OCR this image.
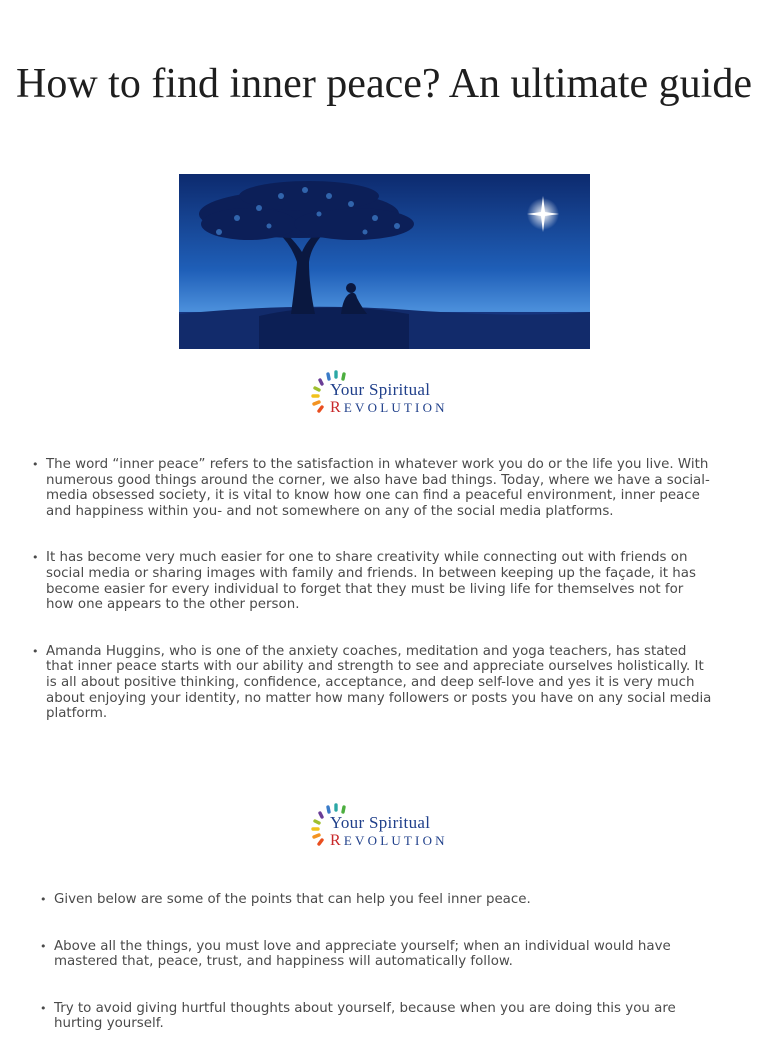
How to find inner peace? An ultimate guide
Your Spiritual
REVOLUTION
• The word “inner peace” refers to the satisfaction in whatever work you do or the life you live. With numerous good things around the corner, we also have bad things. Today, where we have a social-media obsessed society, it is vital to know how one can find a peaceful environment, inner peace and happiness within you- and not somewhere on any of the social media platforms.
• It has become very much easier for one to share creativity while connecting out with friends on social media or sharing images with family and friends. In between keeping up the façade, it has become easier for every individual to forget that they must be living life for themselves not for how one appears to the other person.
• Amanda Huggins, who is one of the anxiety coaches, meditation and yoga teachers, has stated that inner peace starts with our ability and strength to see and appreciate ourselves holistically. It is all about positive thinking, confidence, acceptance, and deep self-love and yes it is very much about enjoying your identity, no matter how many followers or posts you have on any social media platform.
Your Spiritual
REVOLUTION
• Given below are some of the points that can help you feel inner peace.
• Above all the things, you must love and appreciate yourself; when an individual would have mastered that, peace, trust, and happiness will automatically follow.
• Try to avoid giving hurtful thoughts about yourself, because when you are doing this you are hurting yourself.
